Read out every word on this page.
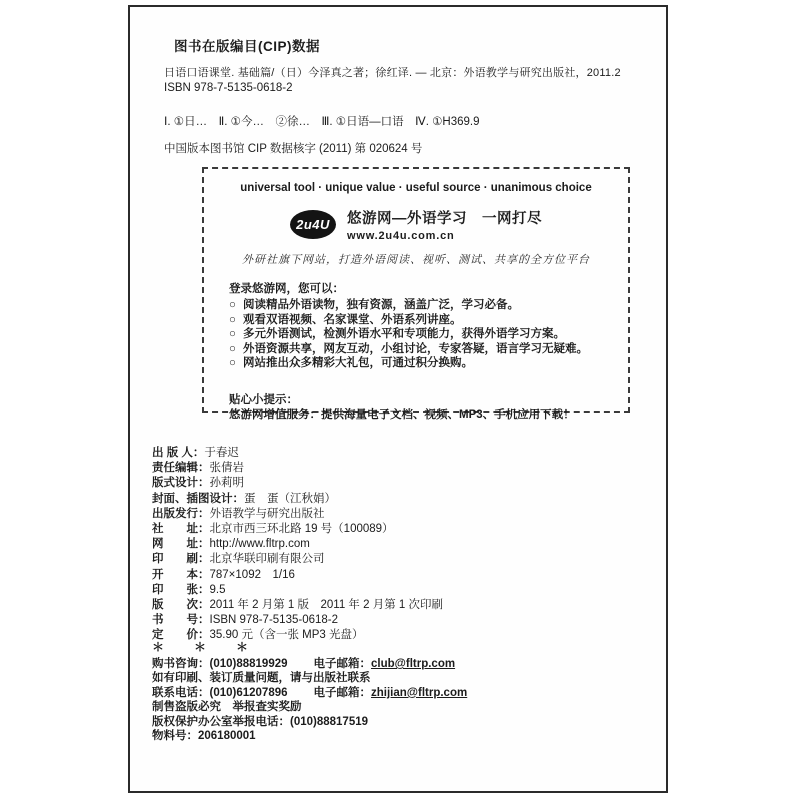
图书在版编目(CIP)数据
日语口语课堂. 基础篇/（日）今泽真之著；徐红译. — 北京：外语教学与研究出版社，2011.2
ISBN 978-7-5135-0618-2
Ⅰ. ①日…　Ⅱ. ①今…　②徐…　Ⅲ. ①日语—口语　Ⅳ. ①H369.9
中国版本图书馆 CIP 数据核字 (2011) 第 020624 号
universal tool · unique value · useful source · unanimous choice
2u4U	悠游网—外语学习　一网打尽
www.2u4u.com.cn
外研社旗下网站，打造外语阅读、视听、测试、共享的全方位平台
登录悠游网，您可以：
○ 阅读精品外语读物，独有资源，涵盖广泛，学习必备。
○ 观看双语视频、名家课堂、外语系列讲座。
○ 多元外语测试，检测外语水平和专项能力，获得外语学习方案。
○ 外语资源共享，网友互动，小组讨论，专家答疑，语言学习无疑难。
○ 网站推出众多精彩大礼包，可通过积分换购。
贴心小提示：
悠游网增值服务：提供海量电子文档、视频、MP3、手机应用下载！
出 版 人：于春迟
责任编辑：张倩岩
版式设计：孙莉明
封面、插图设计：蛋　蛋（江秋娟）
出版发行：外语教学与研究出版社
社　　址：北京市西三环北路 19 号（100089）
网　　址：http://www.fltrp.com
印　　刷：北京华联印刷有限公司
开　　本：787×1092　1/16
印　　张：9.5
版　　次：2011 年 2 月第 1 版　2011 年 2 月第 1 次印刷
书　　号：ISBN 978-7-5135-0618-2
定　　价：35.90 元（含一张 MP3 光盘）
＊　　＊　　＊
购书咨询：(010)88819929 电子邮箱：club@fltrp.com
如有印刷、装订质量问题，请与出版社联系
联系电话：(010)61207896 电子邮箱：zhijian@fltrp.com
制售盗版必究　举报查实奖励
版权保护办公室举报电话：(010)88817519
物料号：206180001
